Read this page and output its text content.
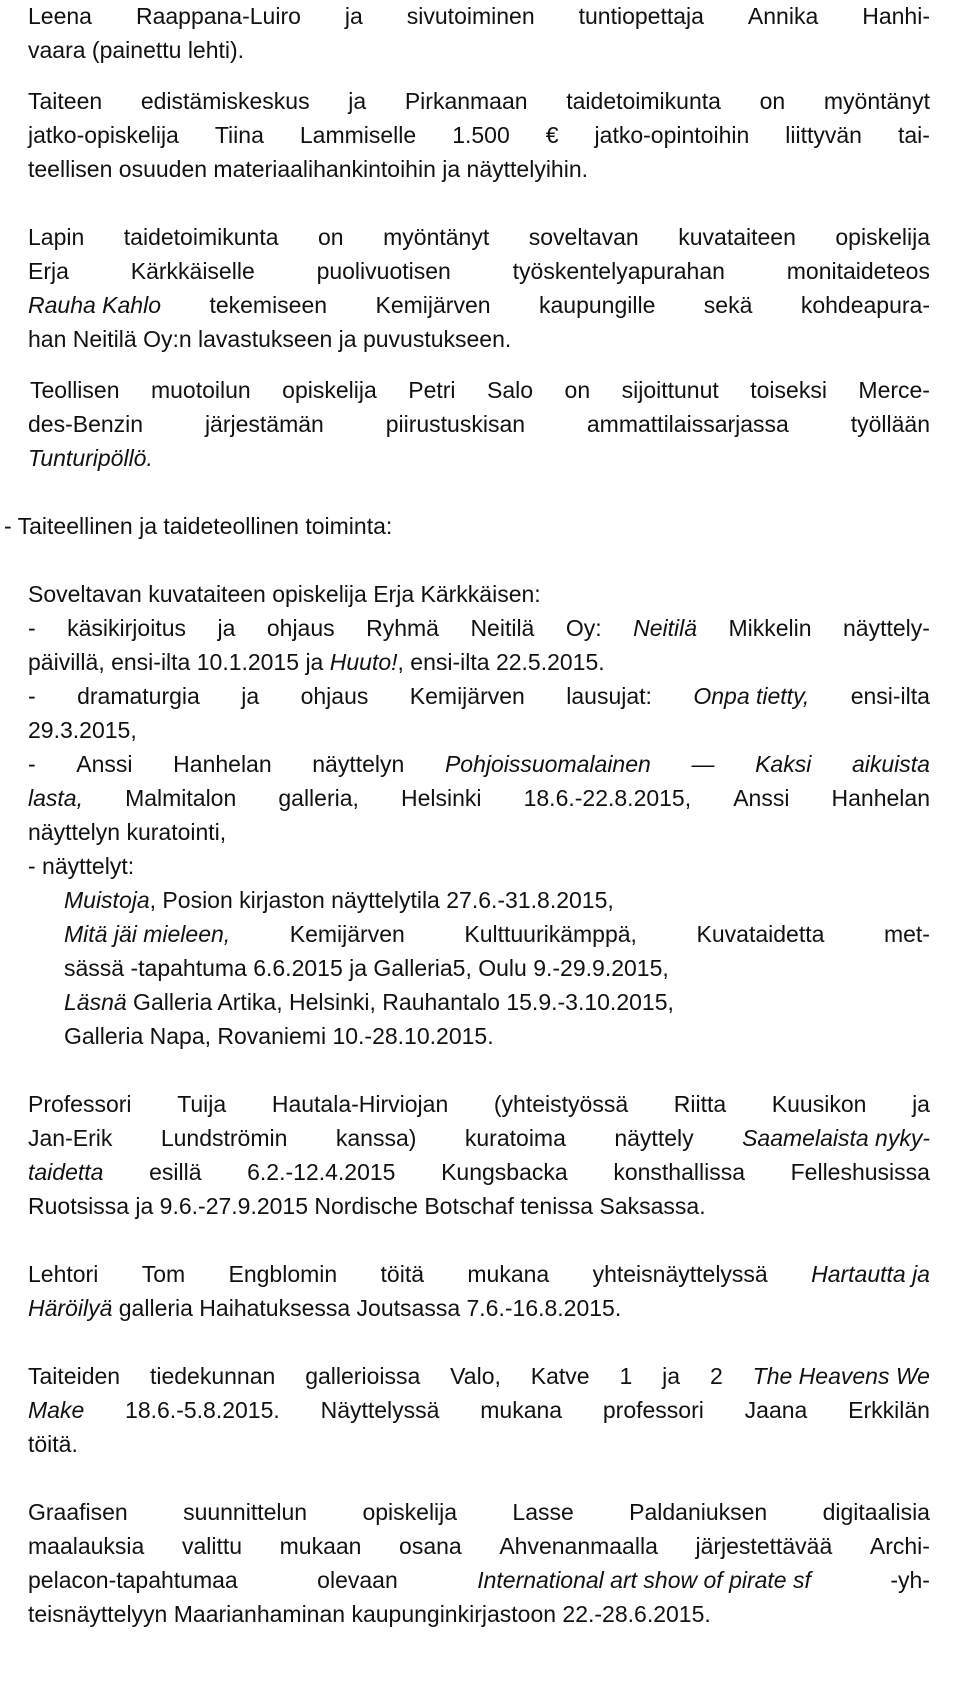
Leena Raappana-Luiro ja sivutoiminen tuntiopettaja Annika Hanhi-
vaara (painettu lehti).
Taiteen edistämiskeskus ja Pirkanmaan taidetoimikunta on myöntänyt
jatko-opiskelija Tiina Lammiselle 1.500 € jatko-opintoihin liittyvän tai-
teellisen osuuden materiaalihankintoihin ja näyttelyihin.
Lapin taidetoimikunta on myöntänyt soveltavan kuvataiteen opiskelija
Erja	Kärkkäiselle	puolivuotisen	työskentelyapurahan	monitaideteos
Rauha Kahlo tekemiseen Kemijärven kaupungille sekä kohdeapura-
han Neitilä Oy:n lavastukseen ja puvustukseen.
Teollisen muotoilun opiskelija Petri Salo on sijoittunut toiseksi Merce-
des-Benzin	järjestämän	piirustuskisan	ammattilaissarjassa	työllään
Tunturipöllö.
- Taiteellinen ja taideteollinen toiminta:
Soveltavan kuvataiteen opiskelija Erja Kärkkäisen:
- käsikirjoitus ja ohjaus Ryhmä Neitilä Oy: Neitilä Mikkelin näyttely-
päivillä, ensi-ilta 10.1.2015 ja Huuto!, ensi-ilta 22.5.2015.
- dramaturgia ja ohjaus Kemijärven lausujat: Onpa tietty, ensi-ilta
29.3.2015,
- Anssi Hanhelan näyttelyn Pohjoissuomalainen — Kaksi aikuista
lasta, Malmitalon galleria, Helsinki 18.6.-22.8.2015, Anssi Hanhelan
näyttelyn kuratointi,
- näyttelyt:
Muistoja, Posion kirjaston näyttelytila 27.6.-31.8.2015,
Mitä jäi mieleen,	Kemijärven	Kulttuurikämppä,	Kuvataidetta	met-
sässä -tapahtuma 6.6.2015 ja Galleria5, Oulu 9.-29.9.2015,
Läsnä Galleria Artika, Helsinki, Rauhantalo 15.9.-3.10.2015,
Galleria Napa, Rovaniemi 10.-28.10.2015.
Professori Tuija Hautala-Hirviojan (yhteistyössä Riitta Kuusikon ja
Jan-Erik Lundströmin kanssa) kuratoima näyttely Saamelaista nyky-
taidetta esillä 6.2.-12.4.2015 Kungsbacka konsthallissa Felleshusissa
Ruotsissa ja 9.6.-27.9.2015 Nordische Botschaf tenissa Saksassa.
Lehtori Tom Engblomin töitä mukana yhteisnäyttelyssä Hartautta ja
Häröilyä galleria Haihatuksessa Joutsassa 7.6.-16.8.2015.
Taiteiden tiedekunnan gallerioissa Valo, Katve 1 ja 2 The Heavens We
Make 18.6.-5.8.2015. Näyttelyssä mukana professori Jaana Erkkilän
töitä.
Graafisen suunnittelun opiskelija Lasse Paldaniuksen digitaalisia
maalauksia valittu mukaan osana Ahvenanmaalla järjestettävää Archi-
pelacon-tapahtumaa	olevaan	International art show of pirate sf	-yh-
teisnäyttelyyn Maarianhaminan kaupunginkirjastoon 22.-28.6.2015.
